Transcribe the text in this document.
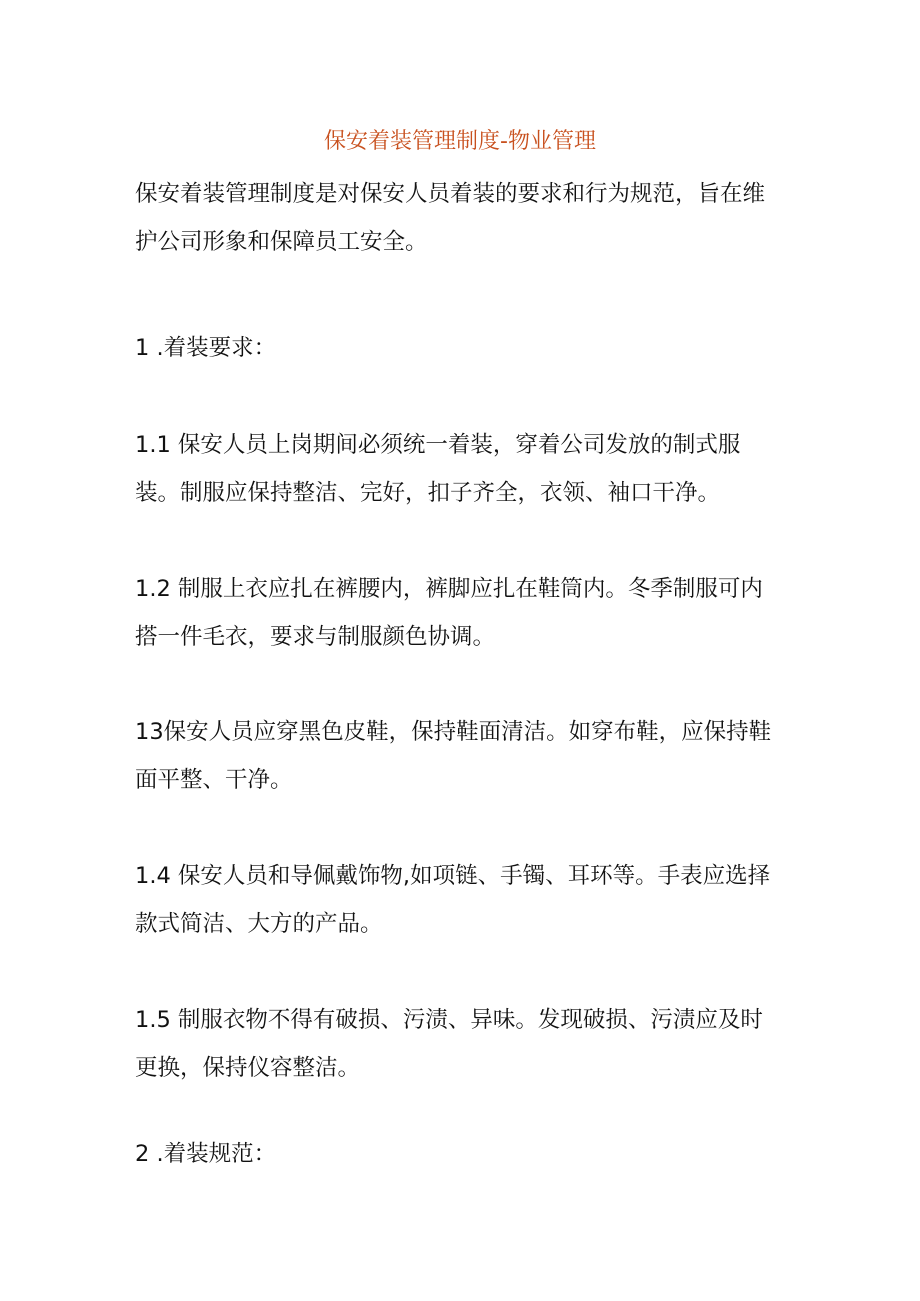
保安着装管理制度-物业管理

保安着装管理制度是对保安人员着装的要求和行为规范，旨在维护公司形象和保障员工安全。

1 .着装要求：

1.1 保安人员上岗期间必须统一着装，穿着公司发放的制式服装。制服应保持整洁、完好，扣子齐全，衣领、袖口干净。

1.2 制服上衣应扎在裤腰内，裤脚应扎在鞋筒内。冬季制服可内搭一件毛衣，要求与制服颜色协调。

13保安人员应穿黑色皮鞋，保持鞋面清洁。如穿布鞋，应保持鞋面平整、干净。

1.4 保安人员和导佩戴饰物,如项链、手镯、耳环等。手表应选择款式简洁、大方的产品。

1.5 制服衣物不得有破损、污渍、异味。发现破损、污渍应及时更换，保持仪容整洁。

2 .着装规范：
